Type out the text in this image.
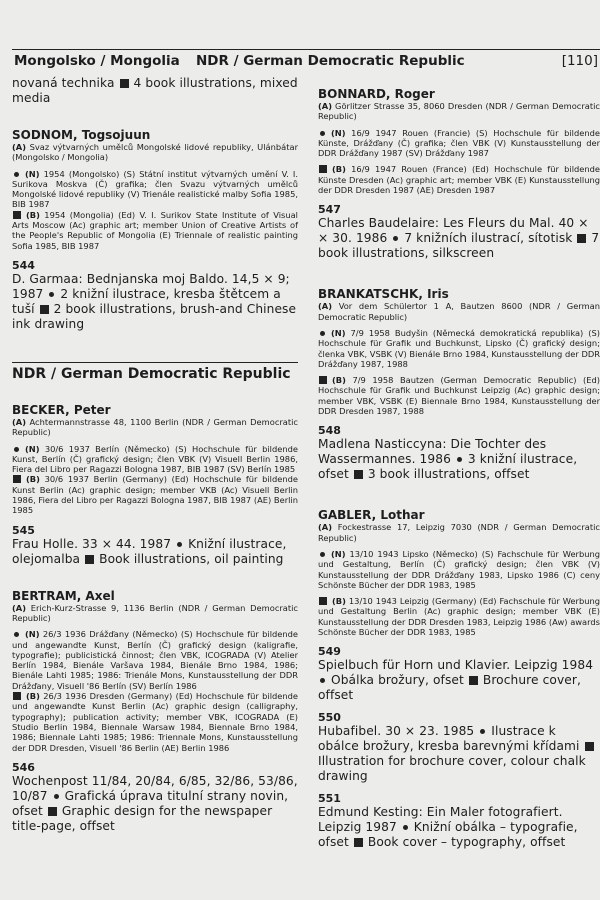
Mongolsko / Mongolia NDR / German Democratic Republic	[110]
novaná technika 4 book illustrations, mixed media
SODNOM, Togsojuun
(A) Svaz výtvarných umělců Mongolské lidové republiky, Ulánbátar (Mongolsko / Mongolia)
(N) 1954 (Mongolsko) (S) Státní institut výtvarných umění V. I. Surikova Moskva (Č) grafika; člen Svazu výtvarných umělců Mongolské lidové republiky (V) Trienále realistické malby Sofia 1985, BIB 1987
(B) 1954 (Mongolia) (Ed) V. I. Surikov State Institute of Visual Arts Moscow (Ac) graphic art; member Union of Creative Artists of the People's Republic of Mongolia (E) Triennale of realistic painting Sofia 1985, BIB 1987
544
D. Garmaa: Bednjanska moj Baldo. 14,5 × 9; 1987 2 knižní ilustrace, kresba štětcem a tuší 2 book illustrations, brush-and Chinese ink drawing
NDR / German Democratic Republic
BECKER, Peter
(A) Achtermannstrasse 48, 1100 Berlin (NDR / German Democratic Republic)
(N) 30/6 1937 Berlín (Německo) (S) Hochschule für bildende Kunst, Berlín (Č) grafický design; člen VBK (V) Visuell Berlin 1986, Fiera del Libro per Ragazzi Bologna 1987, BIB 1987 (SV) Berlín 1985
(B) 30/6 1937 Berlin (Germany) (Ed) Hochschule für bildende Kunst Berlin (Ac) graphic design; member VKB (Ac) Visuell Berlin 1986, Fiera del Libro per Ragazzi Bologna 1987, BIB 1987 (AE) Berlin 1985
545
Frau Holle. 33 × 44. 1987 Knižní ilustrace, olejomalba Book illustrations, oil painting
BERTRAM, Axel
(A) Erich-Kurz-Strasse 9, 1136 Berlin (NDR / German Democratic Republic)
(N) 26/3 1936 Drážďany (Německo) (S) Hochschule für bildende und angewandte Kunst, Berlín (Č) grafický design (kaligrafie, typografie); publicistická činnost; člen VBK, ICOGRADA (V) Atelier Berlín 1984, Bienále Varšava 1984, Bienále Brno 1984, 1986; Bienále Lahti 1985; 1986: Trienále Mons, Kunstausstellung der DDR Drážďany, Visuell '86 Berlín (SV) Berlín 1986
(B) 26/3 1936 Dresden (Germany) (Ed) Hochschule für bildende und angewandte Kunst Berlin (Ac) graphic design (calligraphy, typography); publication activity; member VBK, ICOGRADA (E) Studio Berlin 1984, Biennale Warsaw 1984, Biennale Brno 1984, 1986; Biennale Lahti 1985; 1986: Triennale Mons, Kunstausstellung der DDR Dresden, Visuell '86 Berlin (AE) Berlin 1986
546
Wochenpost 11/84, 20/84, 6/85, 32/86, 53/86, 10/87 Grafická úprava titulní strany novin, ofset Graphic design for the newspaper title-page, offset
BONNARD, Roger
(A) Görlitzer Strasse 35, 8060 Dresden (NDR / German Democratic Republic)
(N) 16/9 1947 Rouen (Francie) (S) Hochschule für bildende Künste, Drážďany (Č) grafika; člen VBK (V) Kunstausstellung der DDR Drážďany 1987 (SV) Drážďany 1987
(B) 16/9 1947 Rouen (France) (Ed) Hochschule für bildende Künste Dresden (Ac) graphic art; member VBK (E) Kunstausstellung der DDR Dresden 1987 (AE) Dresden 1987
547
Charles Baudelaire: Les Fleurs du Mal. 40 × × 30. 1986 7 knižních ilustrací, sítotisk 7 book illustrations, silkscreen
BRANKATSCHK, Iris
(A) Vor dem Schülertor 1 A, Bautzen 8600 (NDR / German Democratic Republic)
(N) 7/9 1958 Budyšin (Německá demokratická republika) (S) Hochschule für Grafik und Buchkunst, Lipsko (Č) grafický design; členka VBK, VSBK (V) Bienále Brno 1984, Kunstausstellung der DDR Drážďany 1987, 1988
(B) 7/9 1958 Bautzen (German Democratic Republic) (Ed) Hochschule für Grafik und Buchkunst Leipzig (Ac) graphic design; member VBK, VSBK (E) Biennale Brno 1984, Kunstausstellung der DDR Dresden 1987, 1988
548
Madlena Nasticcyna: Die Tochter des Wassermannes. 1986 3 knižní ilustrace, ofset 3 book illustrations, offset
GABLER, Lothar
(A) Fockestrasse 17, Leipzig 7030 (NDR / German Democratic Republic)
(N) 13/10 1943 Lipsko (Německo) (S) Fachschule für Werbung und Gestaltung, Berlín (Č) grafický design; člen VBK (V) Kunstausstellung der DDR Drážďany 1983, Lipsko 1986 (C) ceny Schönste Bücher der DDR 1983, 1985
(B) 13/10 1943 Leipzig (Germany) (Ed) Fachschule für Werbung und Gestaltung Berlin (Ac) graphic design; member VBK (E) Kunstausstellung der DDR Dresden 1983, Leipzig 1986 (Aw) awards Schönste Bücher der DDR 1983, 1985
549
Spielbuch für Horn und Klavier. Leipzig 1984 Obálka brožury, ofset Brochure cover, offset
550
Hubafibel. 30 × 23. 1985 Ilustrace k obálce brožury, kresba barevnými křídami Illustration for brochure cover, colour chalk drawing
551
Edmund Kesting: Ein Maler fotografiert. Leipzig 1987 Knižní obálka – typografie, ofset Book cover – typography, offset
